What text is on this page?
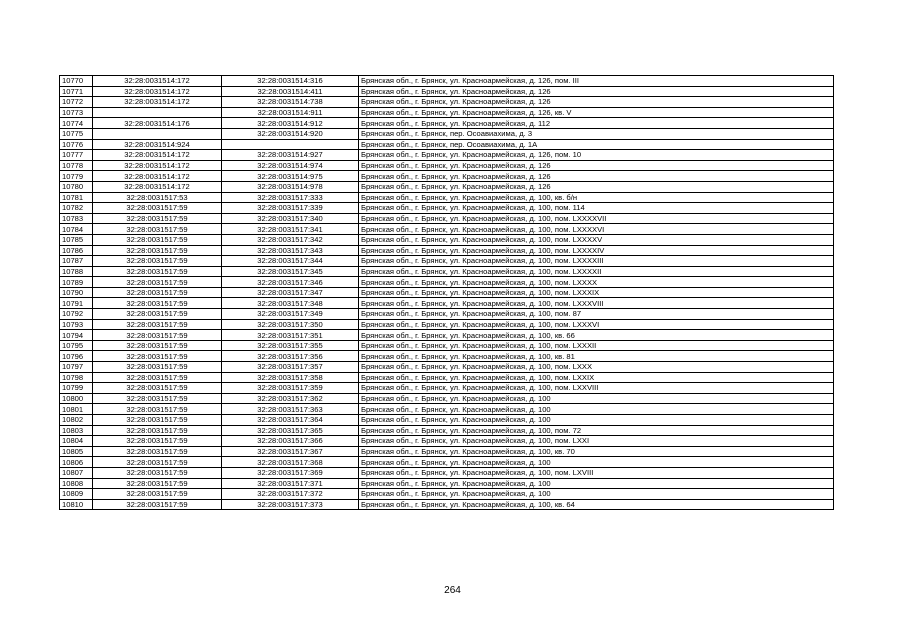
10770	32:28:0031514:172	32:28:0031514:316	Брянская обл., г. Брянск, ул. Красноармейская, д. 126, пом. III
10771	32:28:0031514:172	32:28:0031514:411	Брянская обл., г. Брянск, ул. Красноармейская, д. 126
10772	32:28:0031514:172	32:28:0031514:738	Брянская обл., г. Брянск, ул. Красноармейская, д. 126
10773		32:28:0031514:911	Брянская обл., г. Брянск, ул. Красноармейская, д. 126, кв. V
10774	32:28:0031514:176	32:28:0031514:912	Брянская обл., г. Брянск, ул. Красноармейская, д. 112
10775		32:28:0031514:920	Брянская обл., г. Брянск, пер. Осоавиахима, д. 3
10776	32:28:0031514:924		Брянская обл., г. Брянск, пер. Осоавиахима, д. 1А
10777	32:28:0031514:172	32:28:0031514:927	Брянская обл., г. Брянск, ул. Красноармейская, д. 126, пом. 10
10778	32:28:0031514:172	32:28:0031514:974	Брянская обл., г. Брянск, ул. Красноармейская, д. 126
10779	32:28:0031514:172	32:28:0031514:975	Брянская обл., г. Брянск, ул. Красноармейская, д. 126
10780	32:28:0031514:172	32:28:0031514:978	Брянская обл., г. Брянск, ул. Красноармейская, д. 126
10781	32:28:0031517:53	32:28:0031517:333	Брянская обл., г. Брянск, ул. Красноармейская, д. 100, кв. б/н
10782	32:28:0031517:59	32:28:0031517:339	Брянская обл., г. Брянск, ул. Красноармейская, д. 100, пом. 114
10783	32:28:0031517:59	32:28:0031517:340	Брянская обл., г. Брянск, ул. Красноармейская, д. 100, пом. LXXXXVII
10784	32:28:0031517:59	32:28:0031517:341	Брянская обл., г. Брянск, ул. Красноармейская, д. 100, пом. LXXXXVI
10785	32:28:0031517:59	32:28:0031517:342	Брянская обл., г. Брянск, ул. Красноармейская, д. 100, пом. LXXXXV
10786	32:28:0031517:59	32:28:0031517:343	Брянская обл., г. Брянск, ул. Красноармейская, д. 100, пом. LXXXXIV
10787	32:28:0031517:59	32:28:0031517:344	Брянская обл., г. Брянск, ул. Красноармейская, д. 100, пом. LXXXXIII
10788	32:28:0031517:59	32:28:0031517:345	Брянская обл., г. Брянск, ул. Красноармейская, д. 100, пом. LXXXXII
10789	32:28:0031517:59	32:28:0031517:346	Брянская обл., г. Брянск, ул. Красноармейская, д. 100, пом. LXXXX
10790	32:28:0031517:59	32:28:0031517:347	Брянская обл., г. Брянск, ул. Красноармейская, д. 100, пом. LXXXIX
10791	32:28:0031517:59	32:28:0031517:348	Брянская обл., г. Брянск, ул. Красноармейская, д. 100, пом. LXXXVIII
10792	32:28:0031517:59	32:28:0031517:349	Брянская обл., г. Брянск, ул. Красноармейская, д. 100, пом. 87
10793	32:28:0031517:59	32:28:0031517:350	Брянская обл., г. Брянск, ул. Красноармейская, д. 100, пом. LXXXVI
10794	32:28:0031517:59	32:28:0031517:351	Брянская обл., г. Брянск, ул. Красноармейская, д. 100, кв. 66
10795	32:28:0031517:59	32:28:0031517:355	Брянская обл., г. Брянск, ул. Красноармейская, д. 100, пом. LXXXII
10796	32:28:0031517:59	32:28:0031517:356	Брянская обл., г. Брянск, ул. Красноармейская, д. 100, кв. 81
10797	32:28:0031517:59	32:28:0031517:357	Брянская обл., г. Брянск, ул. Красноармейская, д. 100, пом. LXXX
10798	32:28:0031517:59	32:28:0031517:358	Брянская обл., г. Брянск, ул. Красноармейская, д. 100, пом. LXXIX
10799	32:28:0031517:59	32:28:0031517:359	Брянская обл., г. Брянск, ул. Красноармейская, д. 100, пом. LXXVIII
10800	32:28:0031517:59	32:28:0031517:362	Брянская обл., г. Брянск, ул. Красноармейская, д. 100
10801	32:28:0031517:59	32:28:0031517:363	Брянская обл., г. Брянск, ул. Красноармейская, д. 100
10802	32:28:0031517:59	32:28:0031517:364	Брянская обл., г. Брянск, ул. Красноармейская, д. 100
10803	32:28:0031517:59	32:28:0031517:365	Брянская обл., г. Брянск, ул. Красноармейская, д. 100, пом. 72
10804	32:28:0031517:59	32:28:0031517:366	Брянская обл., г. Брянск, ул. Красноармейская, д. 100, пом. LXXI
10805	32:28:0031517:59	32:28:0031517:367	Брянская обл., г. Брянск, ул. Красноармейская, д. 100, кв. 70
10806	32:28:0031517:59	32:28:0031517:368	Брянская обл., г. Брянск, ул. Красноармейская, д. 100
10807	32:28:0031517:59	32:28:0031517:369	Брянская обл., г. Брянск, ул. Красноармейская, д. 100, пом. LXVIII
10808	32:28:0031517:59	32:28:0031517:371	Брянская обл., г. Брянск, ул. Красноармейская, д. 100
10809	32:28:0031517:59	32:28:0031517:372	Брянская обл., г. Брянск, ул. Красноармейская, д. 100
10810	32:28:0031517:59	32:28:0031517:373	Брянская обл., г. Брянск, ул. Красноармейская, д. 100, кв. 64
264
